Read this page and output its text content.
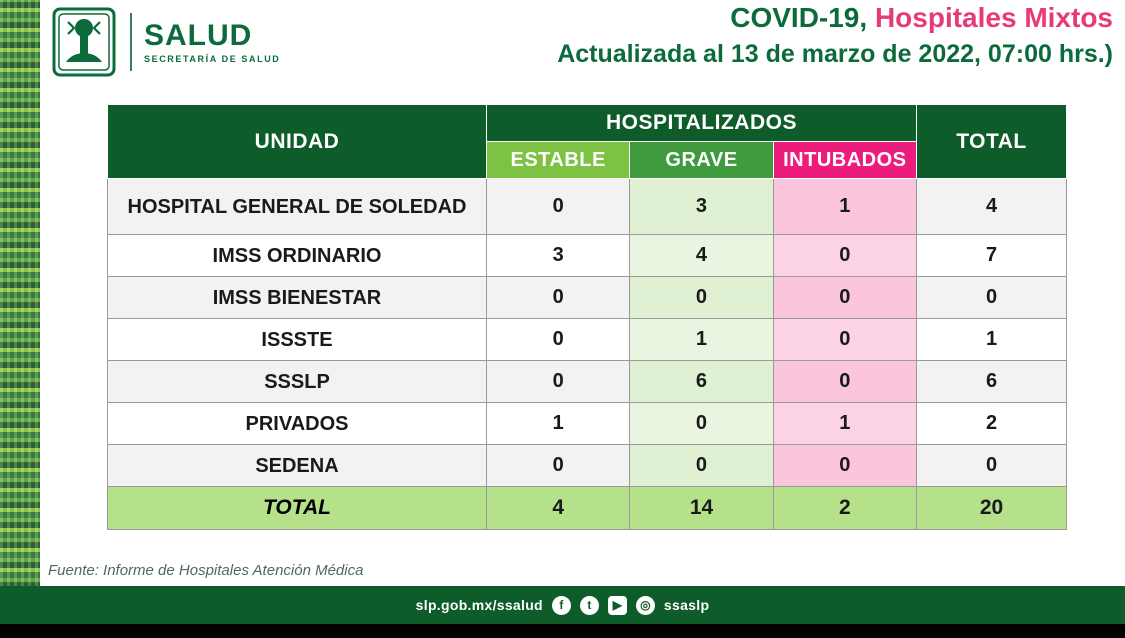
SALUD
SECRETARÍA DE SALUD
COVID-19, Hospitales Mixtos
Actualizada al 13 de marzo de 2022, 07:00 hrs.)
UNIDAD	HOSPITALIZADOS			TOTAL
	ESTABLE	GRAVE	INTUBADOS	
HOSPITAL GENERAL DE SOLEDAD	0	3	1	4
IMSS ORDINARIO	3	4	0	7
IMSS BIENESTAR	0	0	0	0
ISSSTE	0	1	0	1
SSSLP	0	6	0	6
PRIVADOS	1	0	1	2
SEDENA	0	0	0	0
TOTAL	4	14	2	20
Fuente: Informe de Hospitales Atención Médica
slp.gob.mx/ssalud	f	t	▶	◎ ssaslp
